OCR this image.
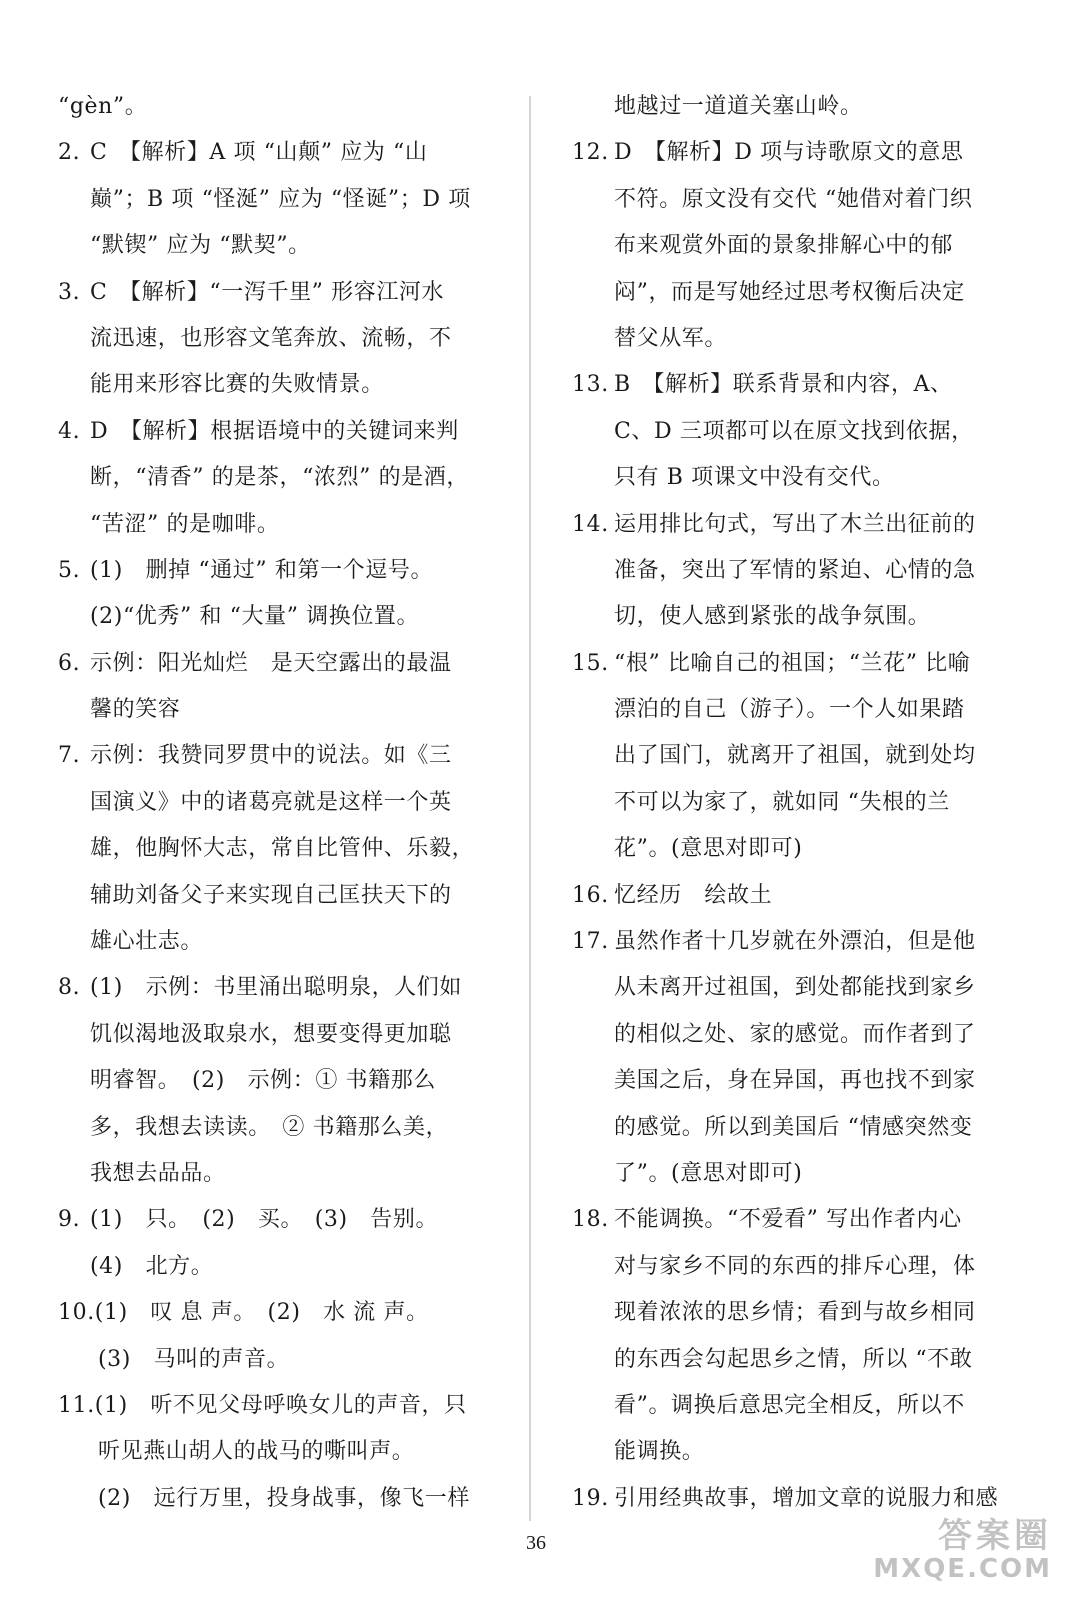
“gèn”。
2. C　【解析】A 项 “山颠” 应为 “山
巅”；B 项 “怪涎” 应为 “怪诞”；D 项
“默锲” 应为 “默契”。
3. C　【解析】“一泻千里” 形容江河水
流迅速，也形容文笔奔放、流畅，不
能用来形容比赛的失败情景。
4. D　【解析】根据语境中的关键词来判
断，“清香” 的是茶，“浓烈” 的是酒，
“苦涩” 的是咖啡。
5. (1)　删掉 “通过” 和第一个逗号。
(2)“优秀” 和 “大量” 调换位置。
6. 示例：阳光灿烂　是天空露出的最温
馨的笑容
7. 示例：我赞同罗贯中的说法。如《三
国演义》中的诸葛亮就是这样一个英
雄，他胸怀大志，常自比管仲、乐毅，
辅助刘备父子来实现自己匡扶天下的
雄心壮志。
8. (1)　示例：书里涌出聪明泉，人们如
饥似渴地汲取泉水，想要变得更加聪
明睿智。　(2)　示例：① 书籍那么
多，我想去读读。　② 书籍那么美，
我想去品品。
9. (1)　只。　(2)　买。　(3)　告别。
(4)　北方。
10.(1)　叹 息 声。　(2)　水 流 声。
(3)　马叫的声音。
11.(1)　听不见父母呼唤女儿的声音，只
听见燕山胡人的战马的嘶叫声。
(2)　远行万里，投身战事，像飞一样
地越过一道道关塞山岭。
12. D　【解析】D 项与诗歌原文的意思
不符。原文没有交代 “她借对着门织
布来观赏外面的景象排解心中的郁
闷”，而是写她经过思考权衡后决定
替父从军。
13. B　【解析】联系背景和内容，A、
C、D 三项都可以在原文找到依据，
只有 B 项课文中没有交代。
14. 运用排比句式，写出了木兰出征前的
准备，突出了军情的紧迫、心情的急
切，使人感到紧张的战争氛围。
15. “根” 比喻自己的祖国；“兰花” 比喻
漂泊的自己（游子）。一个人如果踏
出了国门，就离开了祖国，就到处均
不可以为家了，就如同 “失根的兰
花”。(意思对即可)
16. 忆经历　绘故土
17. 虽然作者十几岁就在外漂泊，但是他
从未离开过祖国，到处都能找到家乡
的相似之处、家的感觉。而作者到了
美国之后，身在异国，再也找不到家
的感觉。所以到美国后 “情感突然变
了”。(意思对即可)
18. 不能调换。“不爱看” 写出作者内心
对与家乡不同的东西的排斥心理，体
现着浓浓的思乡情；看到与故乡相同
的东西会勾起思乡之情，所以 “不敢
看”。调换后意思完全相反，所以不
能调换。
19. 引用经典故事，增加文章的说服力和感
36	答案圈
MXQE.COM
